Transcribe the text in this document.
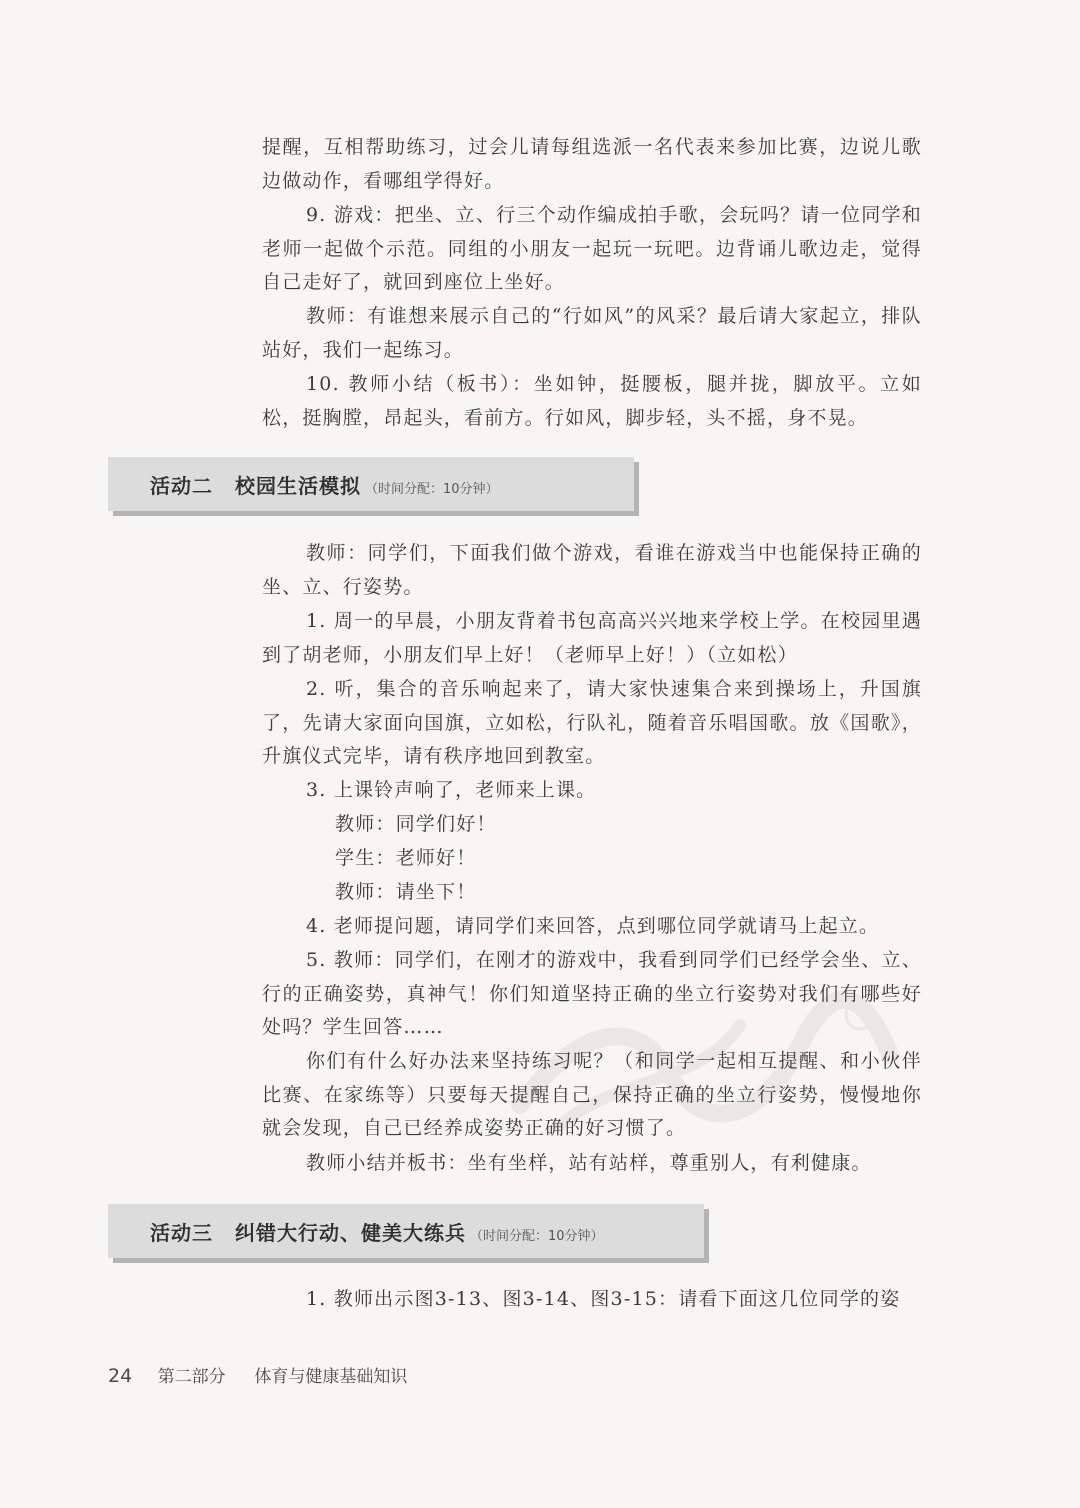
提醒，互相帮助练习，过会儿请每组选派一名代表来参加比赛，边说儿歌边做动作，看哪组学得好。

9. 游戏：把坐、立、行三个动作编成拍手歌，会玩吗？请一位同学和老师一起做个示范。同组的小朋友一起玩一玩吧。边背诵儿歌边走，觉得自己走好了，就回到座位上坐好。

教师：有谁想来展示自己的“行如风”的风采？最后请大家起立，排队站好，我们一起练习。

10. 教师小结（板书）：坐如钟，挺腰板，腿并拢，脚放平。立如松，挺胸膛，昂起头，看前方。行如风，脚步轻，头不摇，身不晃。

活动二 校园生活模拟 （时间分配：10分钟）

教师：同学们，下面我们做个游戏，看谁在游戏当中也能保持正确的坐、立、行姿势。

1. 周一的早晨，小朋友背着书包高高兴兴地来学校上学。在校园里遇到了胡老师，小朋友们早上好！（老师早上好！）（立如松）

2. 听，集合的音乐响起来了，请大家快速集合来到操场上，升国旗了，先请大家面向国旗，立如松，行队礼，随着音乐唱国歌。放《国歌》，升旗仪式完毕，请有秩序地回到教室。

3. 上课铃声响了，老师来上课。

教师：同学们好！

学生：老师好！

教师：请坐下！

4. 老师提问题，请同学们来回答，点到哪位同学就请马上起立。

5. 教师：同学们，在刚才的游戏中，我看到同学们已经学会坐、立、行的正确姿势，真神气！你们知道坚持正确的坐立行姿势对我们有哪些好处吗？学生回答……

你们有什么好办法来坚持练习呢？（和同学一起相互提醒、和小伙伴比赛、在家练等）只要每天提醒自己，保持正确的坐立行姿势，慢慢地你就会发现，自己已经养成姿势正确的好习惯了。

教师小结并板书：坐有坐样，站有站样，尊重别人，有利健康。

活动三 纠错大行动、健美大练兵 （时间分配：10分钟）

1. 教师出示图3-13、图3-14、图3-15：请看下面这几位同学的姿

24 第二部分 体育与健康基础知识
